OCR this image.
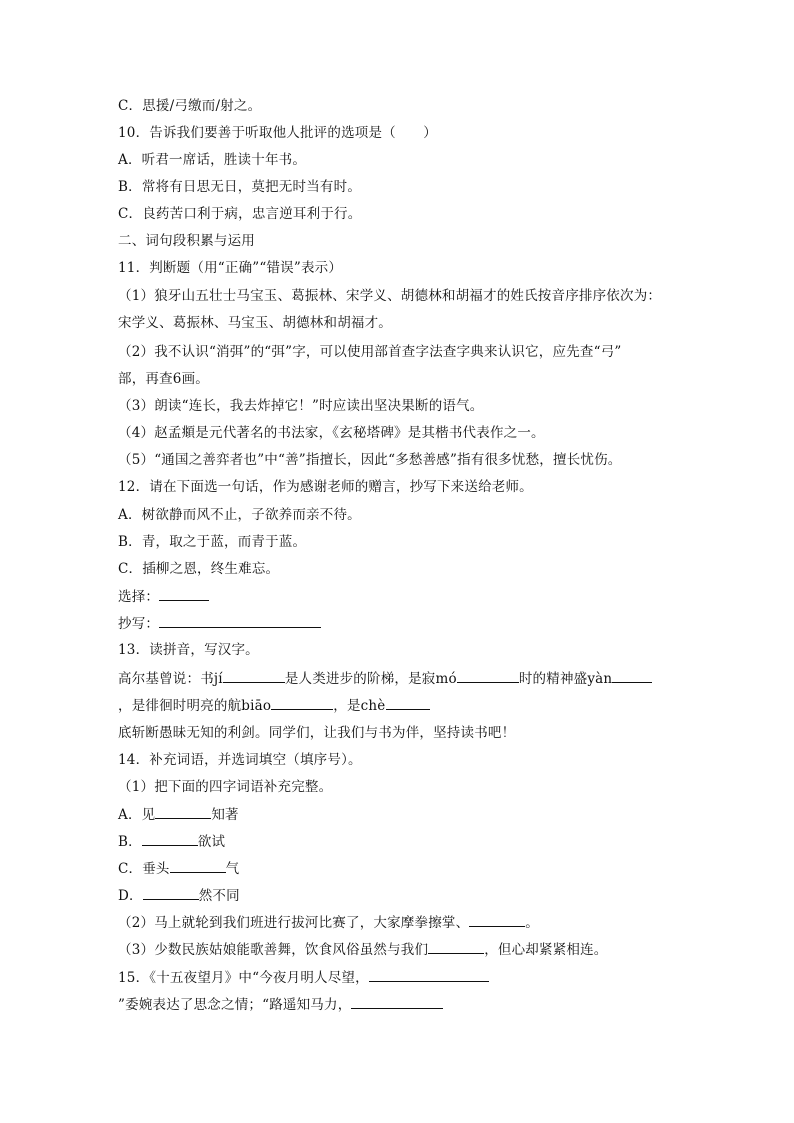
C．思援/弓缴而/射之。
10．告诉我们要善于听取他人批评的选项是（　　）
A．听君一席话，胜读十年书。
B．常将有日思无日，莫把无时当有时。
C．良药苦口利于病，忠言逆耳利于行。
二、词句段积累与运用
11．判断题（用“正确”“错误”表示）
（1）狼牙山五壮士马宝玉、葛振林、宋学义、胡德林和胡福才的姓氏按音序排序依次为：
宋学义、葛振林、马宝玉、胡德林和胡福才。
（2）我不认识“消弭”的“弭”字，可以使用部首查字法查字典来认识它，应先查“弓”
部，再查6画。
（3）朗读“连长，我去炸掉它！”时应读出坚决果断的语气。
（4）赵孟頫是元代著名的书法家，《玄秘塔碑》是其楷书代表作之一。
（5）“通国之善弈者也”中“善”指擅长，因此“多愁善感”指有很多忧愁，擅长忧伤。
12．请在下面选一句话，作为感谢老师的赠言，抄写下来送给老师。
A．树欲静而风不止，子欲养而亲不待。
B．青，取之于蓝，而青于蓝。
C．插柳之恩，终生难忘。
选择：
抄写：
13．读拼音，写汉字。
高尔基曾说：书jí	是人类进步的阶梯，是寂mó	时的精神盛yàn
，是徘徊时明亮的航biāo	，是chè
底斩断愚昧无知的利剑。同学们，让我们与书为伴，坚持读书吧！
14．补充词语，并选词填空（填序号）。
（1）把下面的四字词语补充完整。
A．见	知著
B．	欲试
C．垂头	气
D．	然不同
（2）马上就轮到我们班进行拔河比赛了，大家摩拳擦掌、	。
（3）少数民族姑娘能歌善舞，饮食风俗虽然与我们	，但心却紧紧相连。
15．《十五夜望月》中“今夜月明人尽望，
”委婉表达了思念之情；“路遥知马力，
